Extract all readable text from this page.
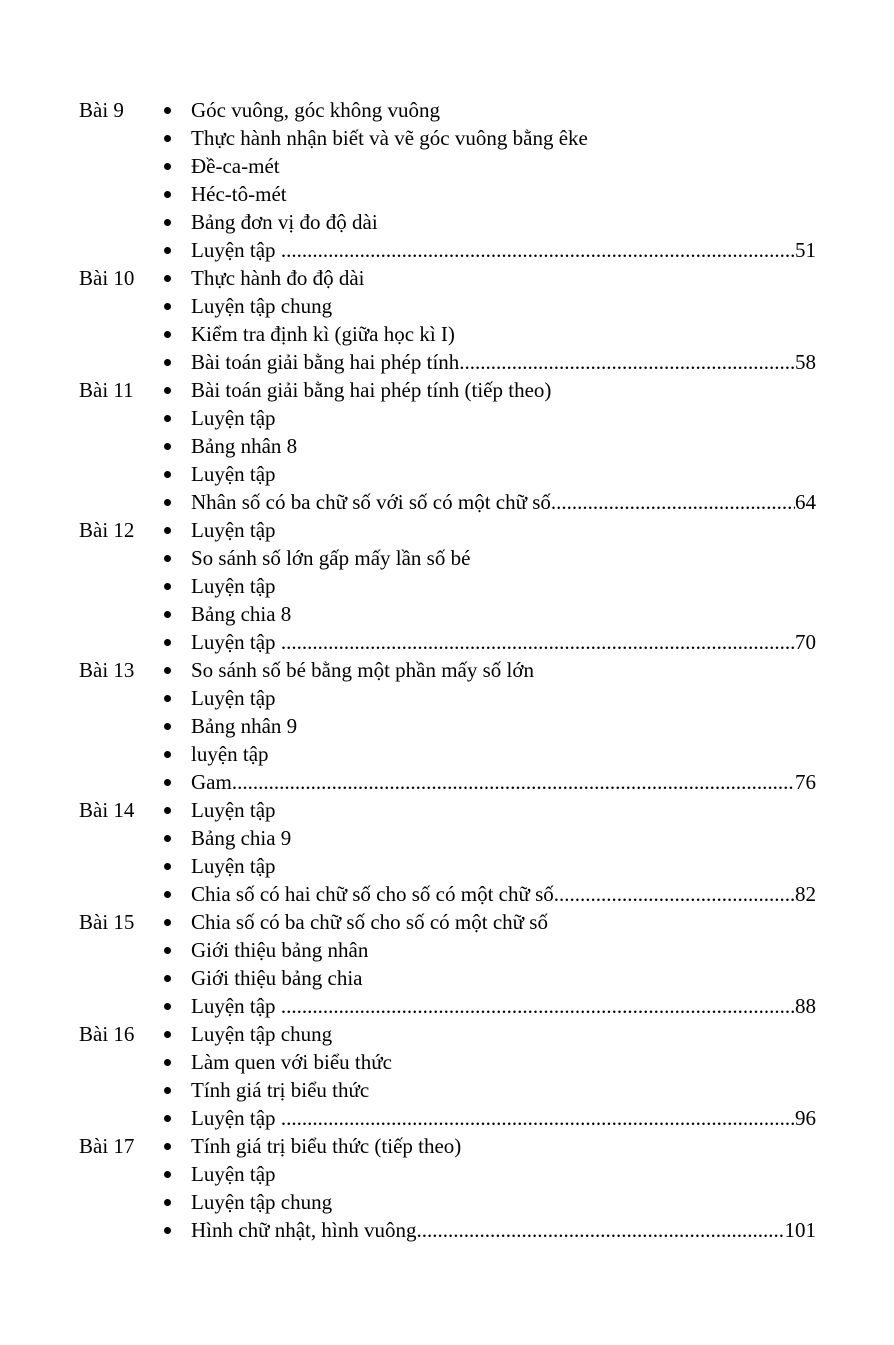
Bài 9	Góc vuông, góc không vuông
Thực hành nhận biết và vẽ góc vuông bằng êke
Đề-ca-mét
Héc-tô-mét
Bảng đơn vị đo độ dài
Luyện tập .....	51
Bài 10	Thực hành đo độ dài
Luyện tập chung
Kiểm tra định kì (giữa học kì I)
Bài toán giải bằng hai phép tính .....	58
Bài 11	Bài toán giải bằng hai phép tính (tiếp theo)
Luyện tập
Bảng nhân 8
Luyện tập
Nhân số có ba chữ số với số có một chữ số .....	64
Bài 12	Luyện tập
So sánh số lớn gấp mấy lần số bé
Luyện tập
Bảng chia 8
Luyện tập .....	70
Bài 13	So sánh số bé bằng một phần mấy số lớn
Luyện tập
Bảng nhân 9
luyện tập
Gam .....	76
Bài 14	Luyện tập
Bảng chia 9
Luyện tập
Chia số có hai chữ số cho số có một chữ số .....	82
Bài 15	Chia số có ba chữ số cho số có một chữ số
Giới thiệu bảng nhân
Giới thiệu bảng chia
Luyện tập .....	88
Bài 16	Luyện tập chung
Làm quen với biểu thức
Tính giá trị biểu thức
Luyện tập .....	96
Bài 17	Tính giá trị biểu thức (tiếp theo)
Luyện tập
Luyện tập chung
Hình chữ nhật, hình vuông .....	101
